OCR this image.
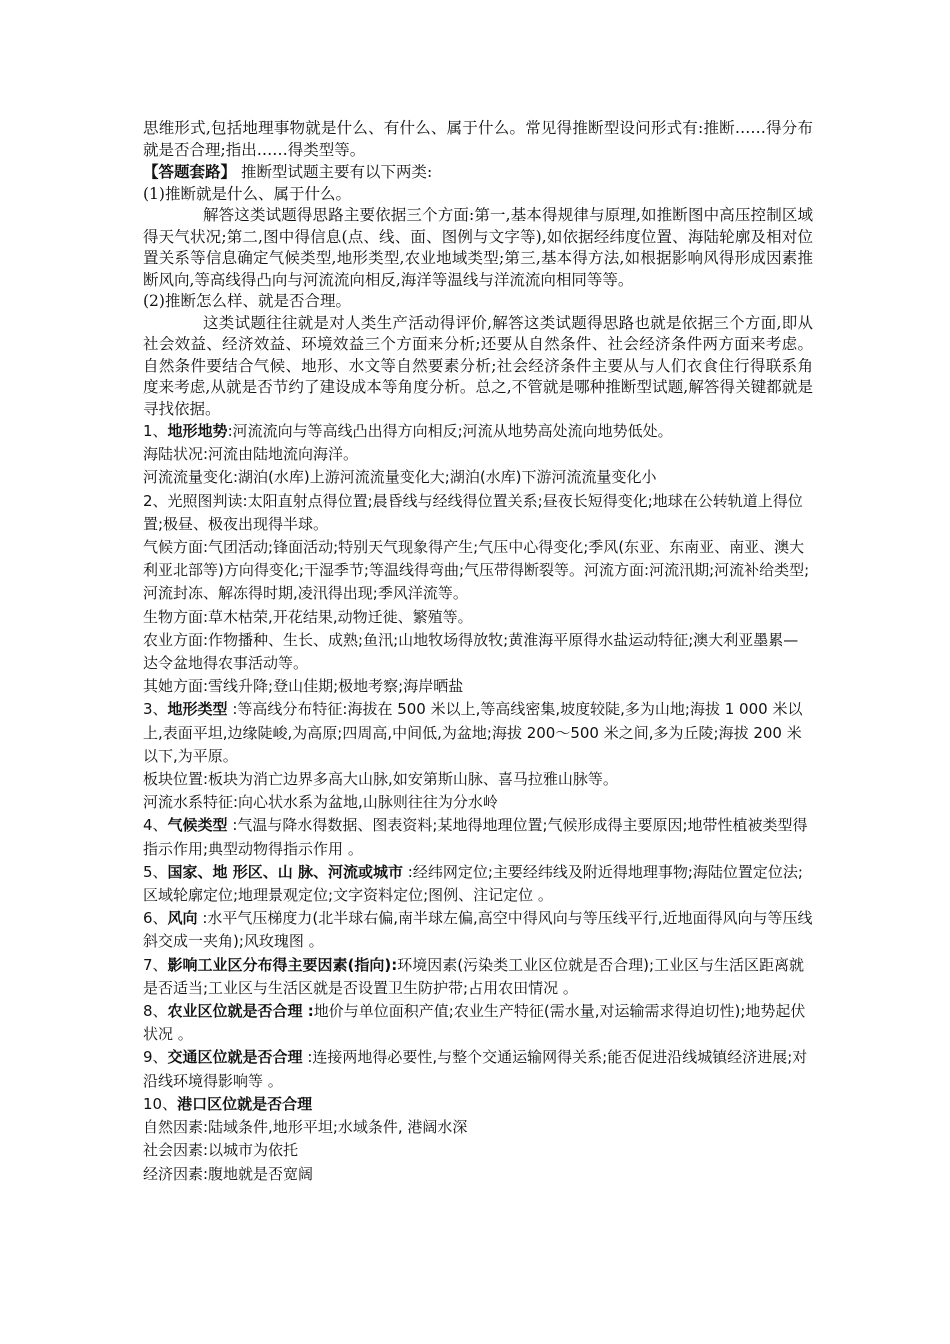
思维形式,包括地理事物就是什么、有什么、属于什么。常见得推断型设问形式有:推断……得分布就是否合理;指出……得类型等。

【答题套路】 推断型试题主要有以下两类:

(1)推断就是什么、属于什么。

解答这类试题得思路主要依据三个方面:第一,基本得规律与原理,如推断图中高压控制区域得天气状况;第二,图中得信息(点、线、面、图例与文字等),如依据经纬度位置、海陆轮廓及相对位置关系等信息确定气候类型,地形类型,农业地域类型;第三,基本得方法,如根据影响风得形成因素推断风向,等高线得凸向与河流流向相反,海洋等温线与洋流流向相同等等。

(2)推断怎么样、就是否合理。

这类试题往往就是对人类生产活动得评价,解答这类试题得思路也就是依据三个方面,即从社会效益、经济效益、环境效益三个方面来分析;还要从自然条件、社会经济条件两方面来考虑。自然条件要结合气候、地形、水文等自然要素分析;社会经济条件主要从与人们衣食住行得联系角度来考虑,从就是否节约了建设成本等角度分析。总之,不管就是哪种推断型试题,解答得关键都就是寻找依据。

1、地形地势:河流流向与等高线凸出得方向相反;河流从地势高处流向地势低处。

海陆状况:河流由陆地流向海洋。

河流流量变化:湖泊(水库)上游河流流量变化大;湖泊(水库)下游河流流量变化小

2、光照图判读:太阳直射点得位置;晨昏线与经线得位置关系;昼夜长短得变化;地球在公转轨道上得位置;极昼、极夜出现得半球。

气候方面:气团活动;锋面活动;特别天气现象得产生;气压中心得变化;季风(东亚、东南亚、南亚、澳大利亚北部等)方向得变化;干湿季节;等温线得弯曲;气压带得断裂等。河流方面:河流汛期;河流补给类型;河流封冻、解冻得时期,凌汛得出现;季风洋流等。

生物方面:草木枯荣,开花结果,动物迁徙、繁殖等。

农业方面:作物播种、生长、成熟;鱼汛;山地牧场得放牧;黄淮海平原得水盐运动特征;澳大利亚墨累—达令盆地得农事活动等。

其她方面:雪线升降;登山佳期;极地考察;海岸晒盐

3、地形类型 :等高线分布特征:海拔在 500 米以上,等高线密集,坡度较陡,多为山地;海拔 1 000 米以上,表面平坦,边缘陡峻,为高原;四周高,中间低,为盆地;海拔 200～500 米之间,多为丘陵;海拔 200 米以下,为平原。

板块位置:板块为消亡边界多高大山脉,如安第斯山脉、喜马拉雅山脉等。

河流水系特征:向心状水系为盆地,山脉则往往为分水岭

4、气候类型 :气温与降水得数据、图表资料;某地得地理位置;气候形成得主要原因;地带性植被类型得指示作用;典型动物得指示作用 。

5、国家、地 形区、山 脉、河流或城市 :经纬网定位;主要经纬线及附近得地理事物;海陆位置定位法;区域轮廓定位;地理景观定位;文字资料定位;图例、注记定位 。

6、风向 :水平气压梯度力(北半球右偏,南半球左偏,高空中得风向与等压线平行,近地面得风向与等压线斜交成一夹角);风玫瑰图 。

7、影响工业区分布得主要因素(指向):环境因素(污染类工业区位就是否合理);工业区与生活区距离就是否适当;工业区与生活区就是否设置卫生防护带;占用农田情况 。

8、农业区位就是否合理 :地价与单位面积产值;农业生产特征(需水量,对运输需求得迫切性);地势起伏状况 。

9、交通区位就是否合理 :连接两地得必要性,与整个交通运输网得关系;能否促进沿线城镇经济进展;对沿线环境得影响等 。

10、港口区位就是否合理

自然因素:陆域条件,地形平坦;水域条件, 港阔水深

社会因素:以城市为依托

经济因素:腹地就是否宽阔
